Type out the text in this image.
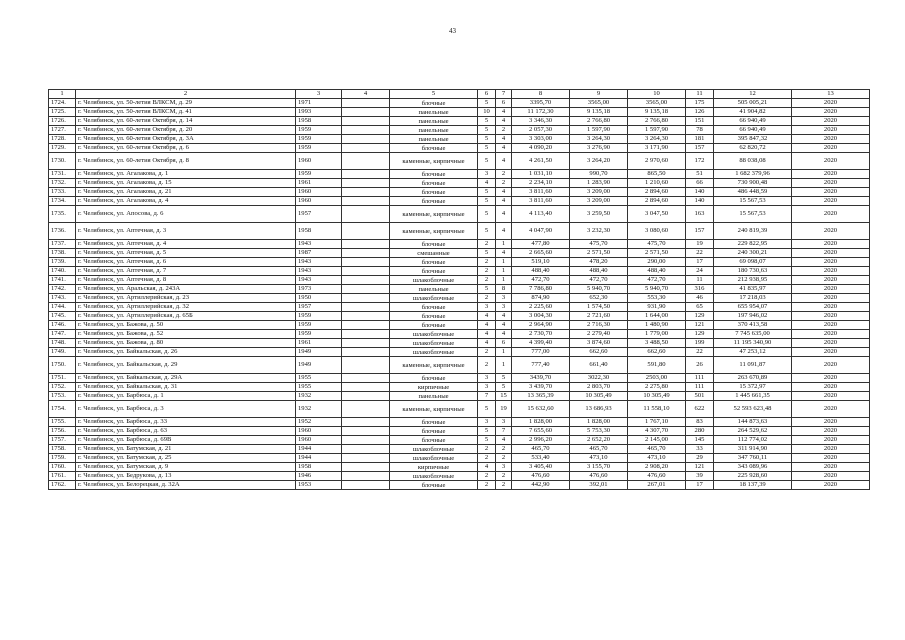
43
1	2	3	4	5	6	7	8	9	10	11	12	13
1724.	г. Челябинск, ул. 50-летия ВЛКСМ, д. 29	1971		блочные	5	6	3395,70	3565,00	3565,00	175	505 005,21	2020
1725.	г. Челябинск, ул. 50-летия ВЛКСМ, д. 41	1993		панельные	10	4	11 172,30	9 135,18	9 135,18	126	41 904,82	2020
1726.	г. Челябинск, ул. 60-летия Октября, д. 14	1958		панельные	5	4	3 346,30	2 766,80	2 766,80	151	66 940,49	2020
1727.	г. Челябинск, ул. 60-летия Октября, д. 20	1959		панельные	5	2	2 057,30	1 597,90	1 597,90	78	66 940,49	2020
1728.	г. Челябинск, ул. 60-летия Октября, д. 3А	1959		панельные	5	4	3 303,00	3 264,30	3 264,30	181	395 847,32	2020
1729.	г. Челябинск, ул. 60-летия Октября, д. 6	1959		блочные	5	4	4 090,20	3 276,90	3 171,90	157	62 820,72	2020
1730.	г. Челябинск, ул. 60-летия Октября, д. 8	1960		каменные, кирпичные	5	4	4 261,50	3 264,20	2 970,60	172	88 038,08	2020
1731.	г. Челябинск, ул. Агалакова, д. 1	1959		блочные	3	2	1 031,10	990,70	865,50	51	1 682 379,96	2020
1732.	г. Челябинск, ул. Агалакова, д. 15	1961		блочные	4	2	2 234,10	1 283,90	1 210,60	66	730 900,48	2020
1733.	г. Челябинск, ул. Агалакова, д. 21	1960		блочные	5	4	3 811,60	3 209,00	2 894,60	140	486 448,59	2020
1734.	г. Челябинск, ул. Агалакова, д. 4	1960		блочные	5	4	3 811,60	3 209,00	2 894,60	140	15 567,53	2020
1735.	г. Челябинск, ул. Апосова, д. 6	1957		каменные, кирпичные	5	4	4 113,40	3 259,50	3 047,50	163	15 567,53	2020
1736.	г. Челябинск, ул. Аптечная, д. 3	1958		каменные, кирпичные	5	4	4 047,90	3 232,30	3 080,60	157	240 819,39	2020
1737.	г. Челябинск, ул. Аптечная, д. 4	1943		блочные	2	1	477,80	475,70	475,70	19	229 822,95	2020
1738.	г. Челябинск, ул. Аптечная, д. 5	1987		смешанные	5	4	2 665,60	2 571,50	2 571,50	22	240 300,21	2020
1739.	г. Челябинск, ул. Аптечная, д. 6	1943		блочные	2	1	519,10	478,20	290,00	17	69 098,07	2020
1740.	г. Челябинск, ул. Аптечная, д. 7	1943		блочные	2	1	488,40	488,40	488,40	24	180 730,63	2020
1741.	г. Челябинск, ул. Аптечная, д. 8	1943		шлакоблочные	2	1	472,70	472,70	472,70	11	212 938,95	2020
1742.	г. Челябинск, ул. Аральская, д. 243А	1973		панельные	5	8	7 786,80	5 940,70	5 940,70	316	41 835,97	2020
1743.	г. Челябинск, ул. Артиллерийская, д. 23	1950		шлакоблочные	2	3	874,90	652,30	553,30	46	17 218,03	2020
1744.	г. Челябинск, ул. Артиллерийская, д. 32	1957		блочные	3	3	2 225,60	1 574,50	931,90	65	655 954,07	2020
1745.	г. Челябинск, ул. Артиллерийская, д. 65Б	1959		блочные	4	4	3 004,30	2 721,60	1 644,00	129	197 946,02	2020
1746.	г. Челябинск, ул. Бажова, д. 50	1959		блочные	4	4	2 964,90	2 716,30	1 480,90	121	370 413,58	2020
1747.	г. Челябинск, ул. Бажова, д. 52	1959		шлакоблочные	4	4	2 730,70	2 279,40	1 779,00	129	7 745 635,00	2020
1748.	г. Челябинск, ул. Бажова, д. 80	1961		шлакоблочные	4	6	4 399,40	3 874,60	3 488,50	199	11 195 340,90	2020
1749.	г. Челябинск, ул. Байкальская, д. 26	1949		шлакоблочные	2	1	777,00	662,60	662,60	22	47 253,12	2020
1750.	г. Челябинск, ул. Байкальская, д. 29	1949		каменные, кирпичные	2	1	777,40	661,40	591,80	26	11 091,87	2020
1751.	г. Челябинск, ул. Байкальская, д. 29А	1955		блочные	3	5	3439,70	3022,30	2503,00	111	263 670,89	2020
1752.	г. Челябинск, ул. Байкальская, д. 31	1955		кирпичные	3	5	3 439,70	2 803,70	2 275,80	111	15 372,97	2020
1753.	г. Челябинск, ул. Барбюса, д. 1	1932		панельные	7	15	13 365,39	10 305,49	10 305,49	501	1 445 661,35	2020
1754.	г. Челябинск, ул. Барбюса, д. 3	1932		каменные, кирпичные	5	19	15 632,60	13 686,93	11 558,10	622	52 593 623,48	2020
1755.	г. Челябинск, ул. Барбюса, д. 33	1952		блочные	3	3	1 828,00	1 828,00	1 767,10	83	144 873,63	2020
1756.	г. Челябинск, ул. Барбюса, д. 63	1960		блочные	5	7	7 655,60	5 753,30	4 307,70	280	264 529,62	2020
1757.	г. Челябинск, ул. Барбюса, д. 69В	1960		блочные	5	4	2 996,20	2 652,20	2 145,00	145	112 774,02	2020
1758.	г. Челябинск, ул. Батумская, д. 21	1944		шлакоблочные	2	2	465,70	465,70	465,70	33	311 914,90	2020
1759.	г. Челябинск, ул. Батумская, д. 25	1944		шлакоблочные	2	2	533,40	473,10	473,10	29	347 760,11	2020
1760.	г. Челябинск, ул. Батумская, д. 9	1958		кирпичные	4	3	3 405,40	3 155,70	2 908,20	121	343 089,96	2020
1761.	г. Челябинск, ул. Бедрукова, д. 13	1946		шлакоблочные	2	2	476,60	476,60	476,60	39	225 928,60	2020
1762.	г. Челябинск, ул. Белорецкая, д. 32А	1953		блочные	2	2	442,90	392,01	267,01	17	18 137,39	2020
